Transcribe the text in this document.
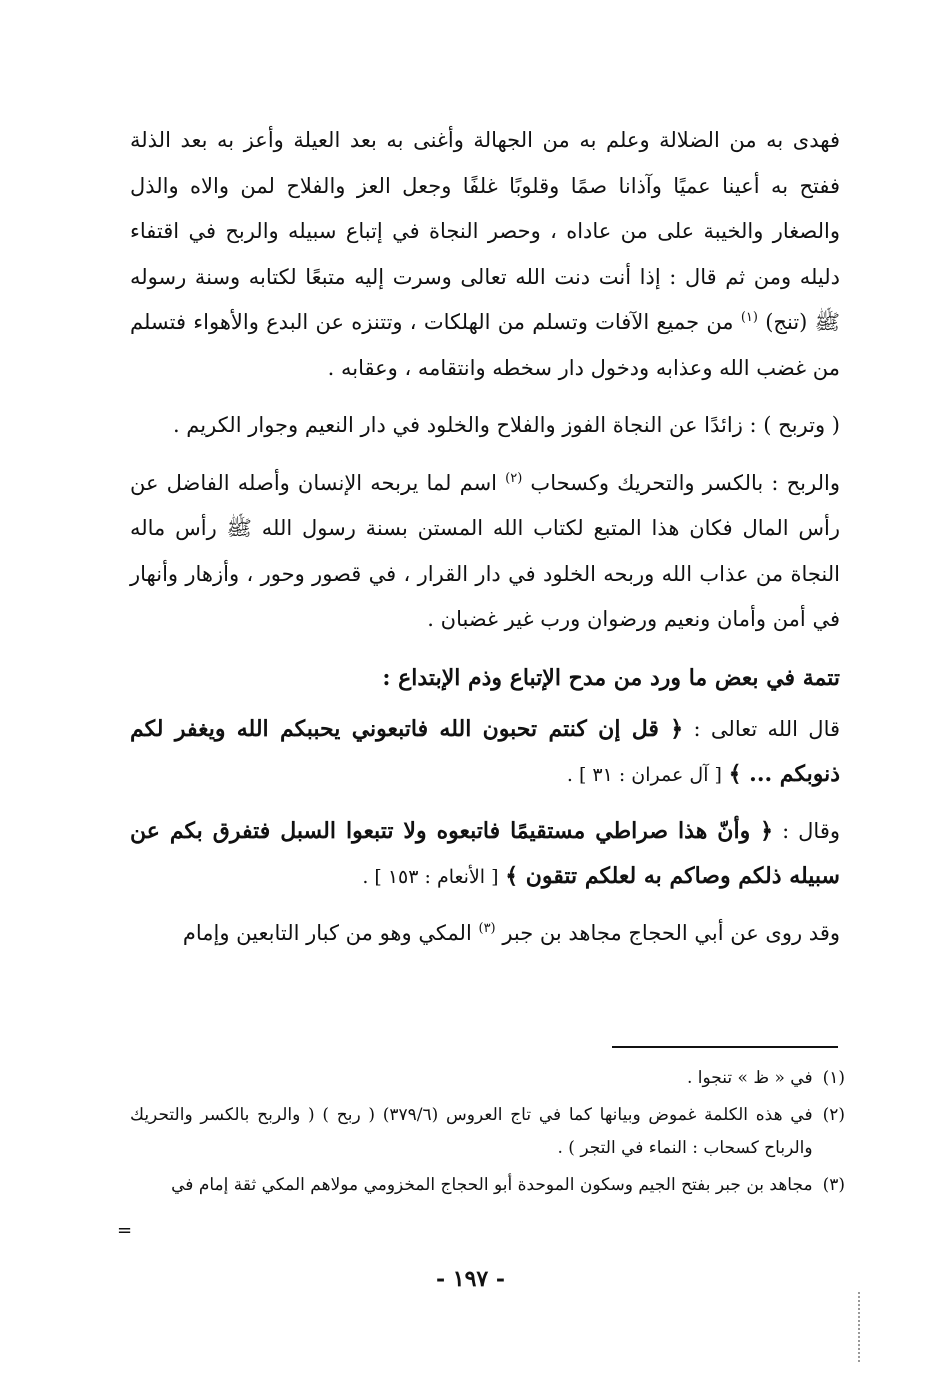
فهدى به من الضلالة وعلم به من الجهالة وأغنى به بعد العيلة وأعز به بعد الذلة ففتح به أعينا عميًا وآذانا صمًا وقلوبًا غلفًا وجعل العز والفلاح لمن والاه والذل والصغار والخيبة على من عاداه ، وحصر النجاة في إتباع سبيله والربح في اقتفاء دليله ومن ثم قال : إذا أنت دنت الله تعالى وسرت إليه متبعًا لكتابه وسنة رسوله ﷺ (تنج) $^{(١)}$ من جميع الآفات وتسلم من الهلكات ، وتتنزه عن البدع والأهواء فتسلم من غضب الله وعذابه ودخول دار سخطه وانتقامه ، وعقابه .

( وتربح ) : زائدًا عن النجاة الفوز والفلاح والخلود في دار النعيم وجوار الكريم .

والربح : بالكسر والتحريك وكسحاب $^{(٢)}$ اسم لما يربحه الإنسان وأصله الفاضل عن رأس المال فكان هذا المتبع لكتاب الله المستن بسنة رسول الله ﷺ رأس ماله النجاة من عذاب الله وربحه الخلود في دار القرار ، في قصور وحور ، وأزهار وأنهار في أمن وأمان ونعيم ورضوان ورب غير غضبان .

تتمة في بعض ما ورد من مدح الإتباع وذم الإبتداع :

قال الله تعالى : ﴿ قل إن كنتم تحبون الله فاتبعوني يحببكم الله ويغفر لكم ذنوبكم ... ﴾ [ آل عمران : ٣١ ] .

وقال : ﴿ وأنّ هذا صراطي مستقيمًا فاتبعوه ولا تتبعوا السبل فتفرق بكم عن سبيله ذلكم وصاكم به لعلكم تتقون ﴾ [ الأنعام : ١٥٣ ] .

وقد روى عن أبي الحجاج مجاهد بن جبر $^{(٣)}$ المكي وهو من كبار التابعين وإمام

(١)
في « ظ » تنجوا .
(٢)
في هذه الكلمة غموض وبيانها كما في تاج العروس (٣٧٩/٦) ( ربح ) ( والربح بالكسر والتحريك والرباح كسحاب : النماء في التجر ) .
(٣)
مجاهد بن جبر بفتح الجيم وسكون الموحدة أبو الحجاج المخزومي مولاهم المكي ثقة إمام في
=
- ١٩٧ -
